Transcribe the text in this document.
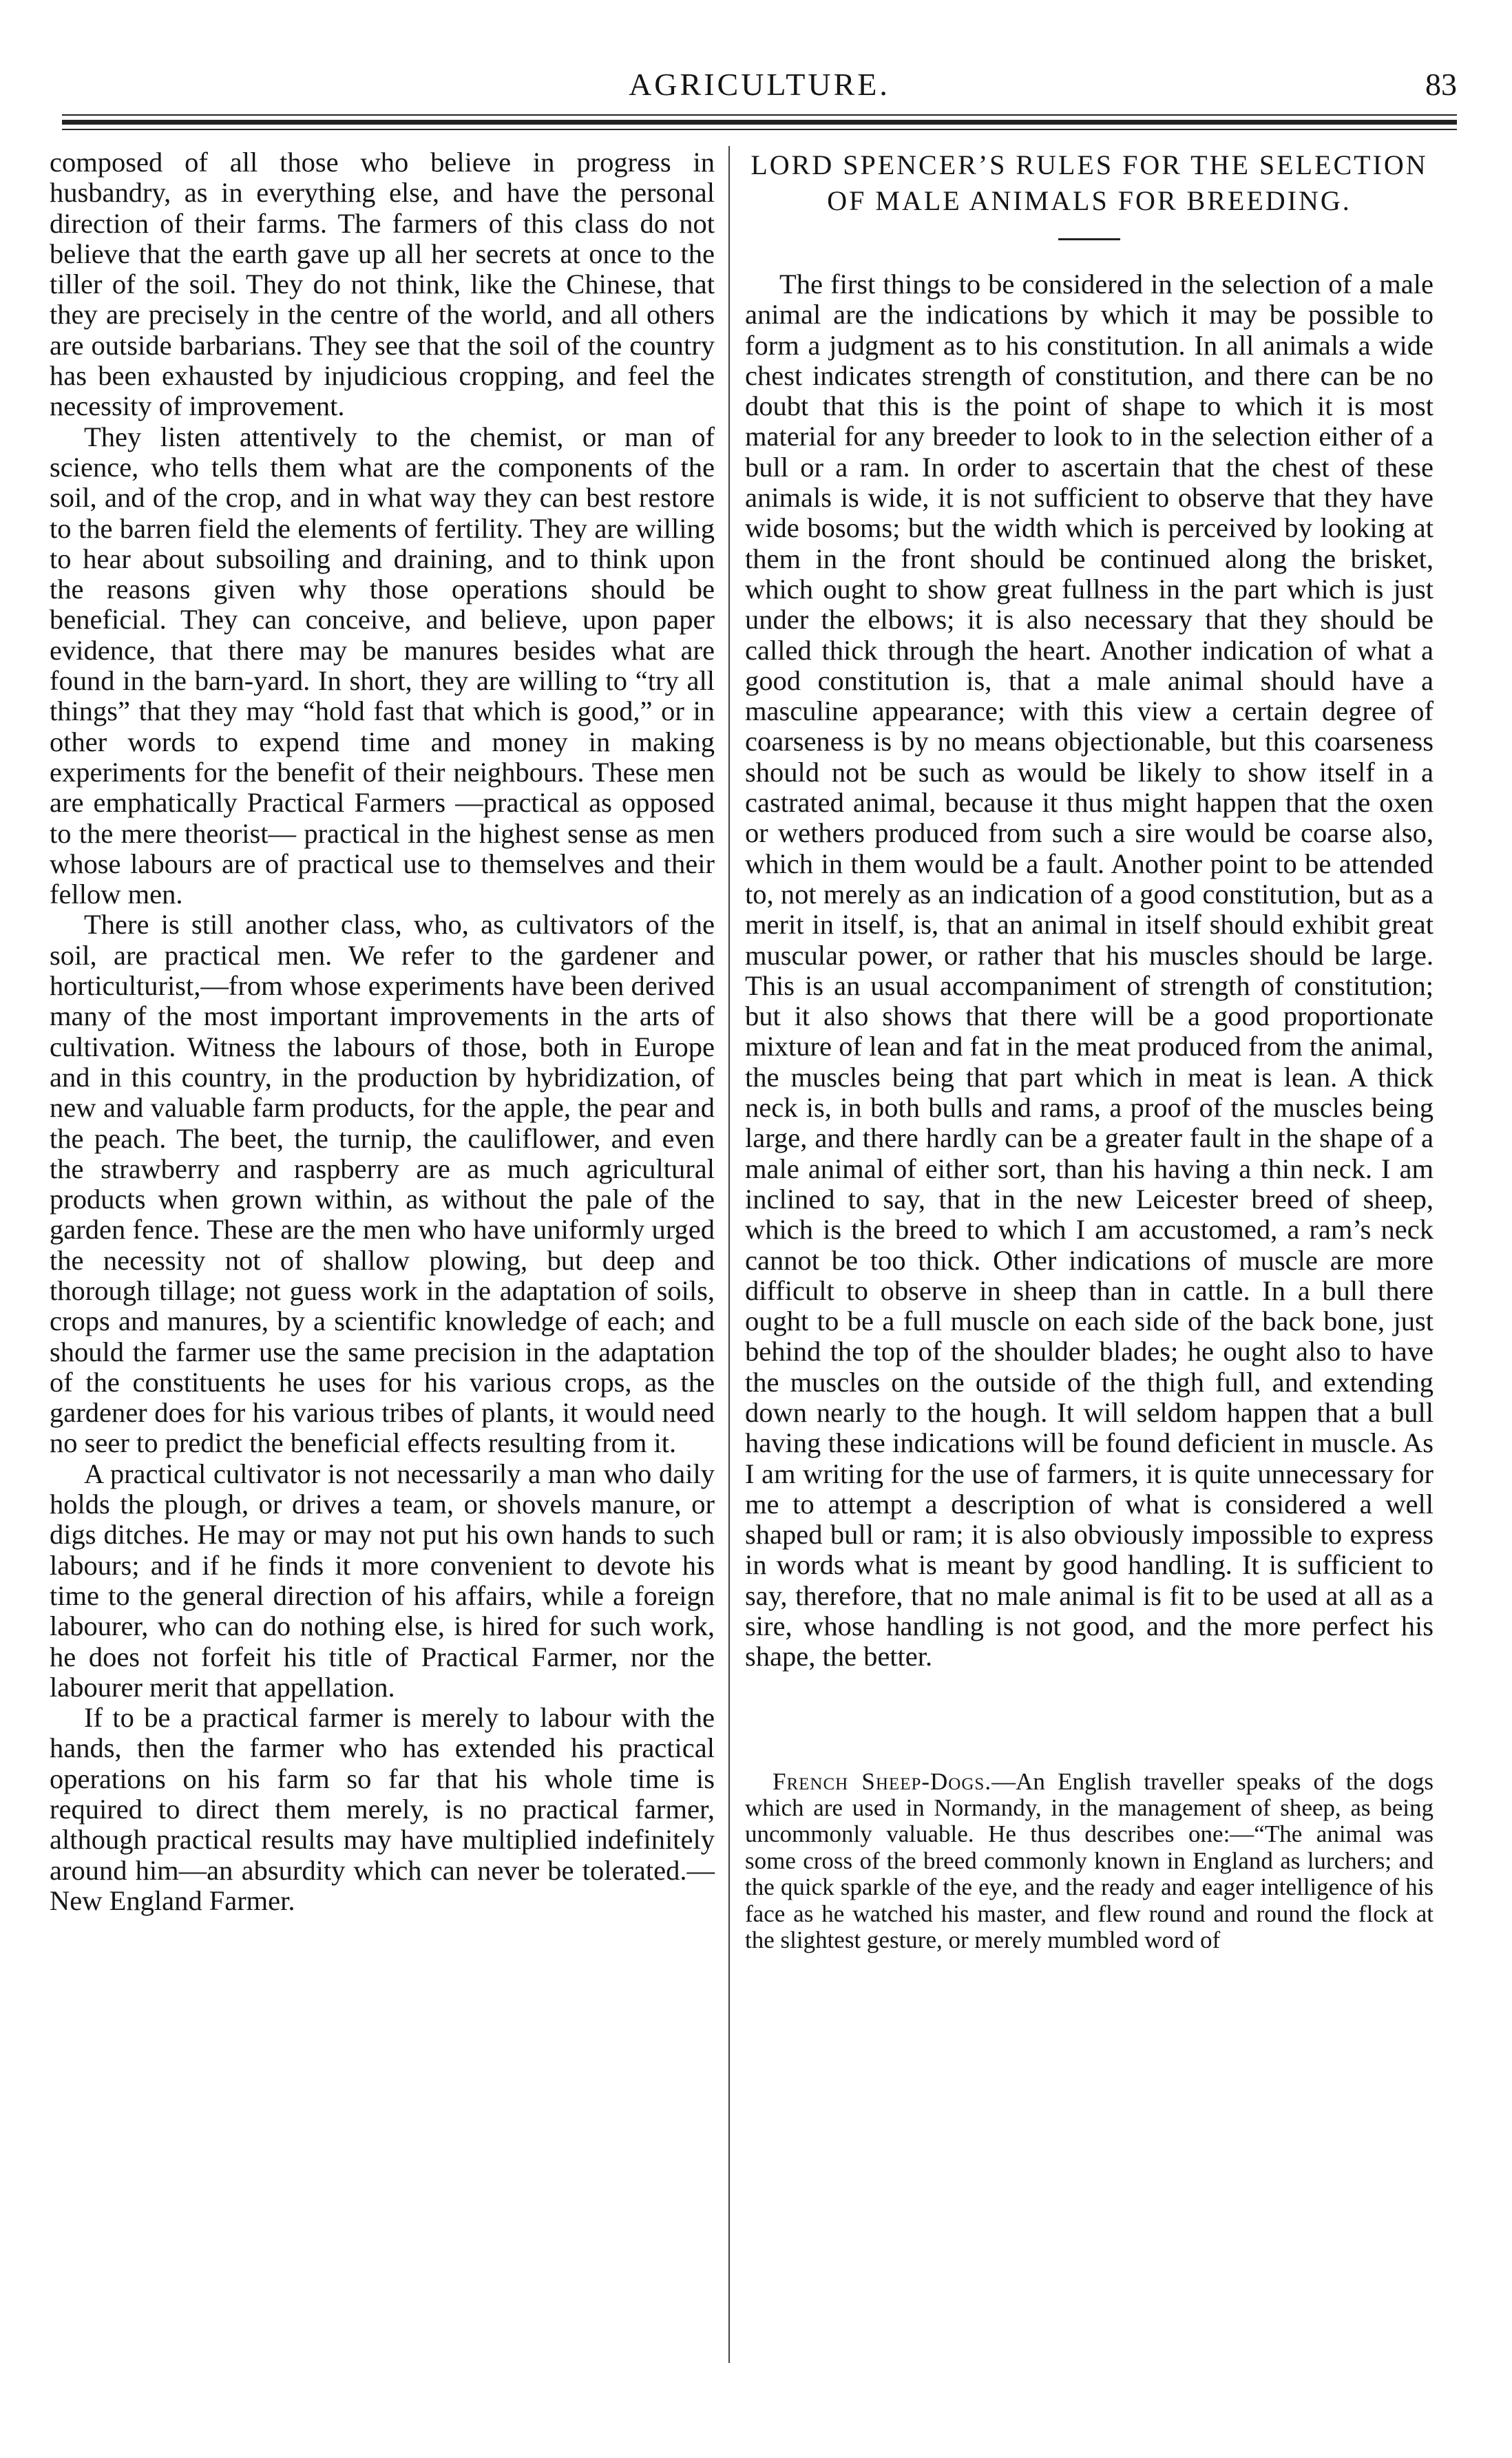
AGRICULTURE.	83

composed of all those who believe in progress in husbandry, as in everything else, and have the personal direction of their farms. The farmers of this class do not believe that the earth gave up all her secrets at once to the tiller of the soil. They do not think, like the Chinese, that they are precisely in the centre of the world, and all others are outside barbarians. They see that the soil of the country has been exhausted by injudicious cropping, and feel the necessity of improvement.

They listen attentively to the chemist, or man of science, who tells them what are the components of the soil, and of the crop, and in what way they can best restore to the barren field the elements of fertility. They are willing to hear about subsoiling and draining, and to think upon the reasons given why those operations should be beneficial. They can conceive, and believe, upon paper evidence, that there may be manures besides what are found in the barn-yard. In short, they are willing to “try all things” that they may “hold fast that which is good,” or in other words to expend time and money in making experiments for the benefit of their neighbours. These men are emphatically Practical Farmers —practical as opposed to the mere theorist— practical in the highest sense as men whose labours are of practical use to themselves and their fellow men.

There is still another class, who, as cultivators of the soil, are practical men. We refer to the gardener and horticulturist,—from whose experiments have been derived many of the most important improvements in the arts of cultivation. Witness the labours of those, both in Europe and in this country, in the production by hybridization, of new and valuable farm products, for the apple, the pear and the peach. The beet, the turnip, the cauliflower, and even the strawberry and raspberry are as much agricultural products when grown within, as without the pale of the garden fence. These are the men who have uniformly urged the necessity not of shallow plowing, but deep and thorough tillage; not guess work in the adaptation of soils, crops and manures, by a scientific knowledge of each; and should the farmer use the same precision in the adaptation of the constituents he uses for his various crops, as the gardener does for his various tribes of plants, it would need no seer to predict the beneficial effects resulting from it.

A practical cultivator is not necessarily a man who daily holds the plough, or drives a team, or shovels manure, or digs ditches. He may or may not put his own hands to such labours; and if he finds it more convenient to devote his time to the general direction of his affairs, while a foreign labourer, who can do nothing else, is hired for such work, he does not forfeit his title of Practical Farmer, nor the labourer merit that appellation.

If to be a practical farmer is merely to labour with the hands, then the farmer who has extended his practical operations on his farm so far that his whole time is required to direct them merely, is no practical farmer, although practical results may have multiplied indefinitely around him—an absurdity which can never be tolerated.—New England Farmer.

LORD SPENCER’S RULES FOR THE SELECTION OF MALE ANIMALS FOR BREEDING.

The first things to be considered in the selection of a male animal are the indications by which it may be possible to form a judgment as to his constitution. In all animals a wide chest indicates strength of constitution, and there can be no doubt that this is the point of shape to which it is most material for any breeder to look to in the selection either of a bull or a ram. In order to ascertain that the chest of these animals is wide, it is not sufficient to observe that they have wide bosoms; but the width which is perceived by looking at them in the front should be continued along the brisket, which ought to show great fullness in the part which is just under the elbows; it is also necessary that they should be called thick through the heart. Another indication of what a good constitution is, that a male animal should have a masculine appearance; with this view a certain degree of coarseness is by no means objectionable, but this coarseness should not be such as would be likely to show itself in a castrated animal, because it thus might happen that the oxen or wethers produced from such a sire would be coarse also, which in them would be a fault. Another point to be attended to, not merely as an indication of a good constitution, but as a merit in itself, is, that an animal in itself should exhibit great muscular power, or rather that his muscles should be large. This is an usual accompaniment of strength of constitution; but it also shows that there will be a good proportionate mixture of lean and fat in the meat produced from the animal, the muscles being that part which in meat is lean. A thick neck is, in both bulls and rams, a proof of the muscles being large, and there hardly can be a greater fault in the shape of a male animal of either sort, than his having a thin neck. I am inclined to say, that in the new Leicester breed of sheep, which is the breed to which I am accustomed, a ram’s neck cannot be too thick. Other indications of muscle are more difficult to observe in sheep than in cattle. In a bull there ought to be a full muscle on each side of the back bone, just behind the top of the shoulder blades; he ought also to have the muscles on the outside of the thigh full, and extending down nearly to the hough. It will seldom happen that a bull having these indications will be found deficient in muscle. As I am writing for the use of farmers, it is quite unnecessary for me to attempt a description of what is considered a well shaped bull or ram; it is also obviously impossible to express in words what is meant by good handling. It is sufficient to say, therefore, that no male animal is fit to be used at all as a sire, whose handling is not good, and the more perfect his shape, the better.

French Sheep-Dogs.—An English traveller speaks of the dogs which are used in Normandy, in the management of sheep, as being uncommonly valuable. He thus describes one:—“The animal was some cross of the breed commonly known in England as lurchers; and the quick sparkle of the eye, and the ready and eager intelligence of his face as he watched his master, and flew round and round the flock at the slightest gesture, or merely mumbled word of
